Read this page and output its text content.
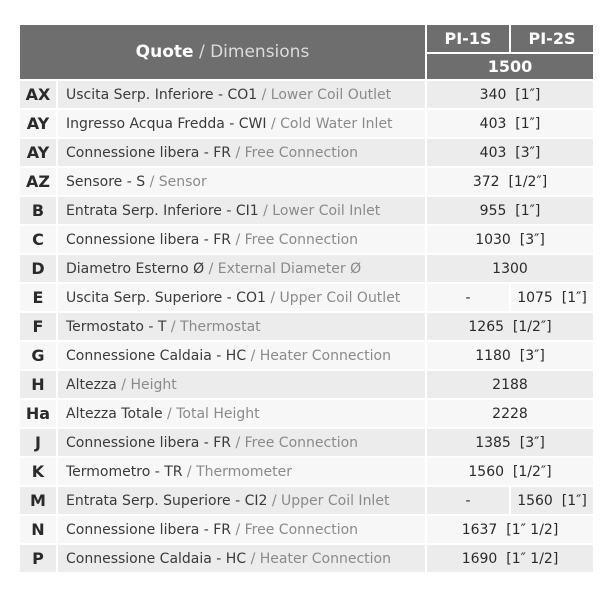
Quote / Dimensions
PI-1S	PI-2S
1500
AX	Uscita Serp. Inferiore - CO1 / Lower Coil Outlet	340  [1″]
AY	Ingresso Acqua Fredda - CWI / Cold Water Inlet	403  [1″]
AY	Connessione libera - FR / Free Connection	403  [3″]
AZ	Sensore - S / Sensor	372  [1/2″]
B	Entrata Serp. Inferiore - CI1 / Lower Coil Inlet	955  [1″]
C	Connessione libera - FR / Free Connection	1030  [3″]
D	Diametro Esterno Ø / External Diameter Ø	1300
E	Uscita Serp. Superiore - CO1 / Upper Coil Outlet	-	1075  [1″]
F	Termostato - T / Thermostat	1265  [1/2″]
G	Connessione Caldaia - HC / Heater Connection	1180  [3″]
H	Altezza / Height	2188
Ha	Altezza Totale / Total Height	2228
J	Connessione libera - FR / Free Connection	1385  [3″]
K	Termometro - TR / Thermometer	1560  [1/2″]
M	Entrata Serp. Superiore - CI2 / Upper Coil Inlet	-	1560  [1″]
N	Connessione libera - FR / Free Connection	1637  [1″ 1/2]
P	Connessione Caldaia - HC / Heater Connection	1690  [1″ 1/2]
